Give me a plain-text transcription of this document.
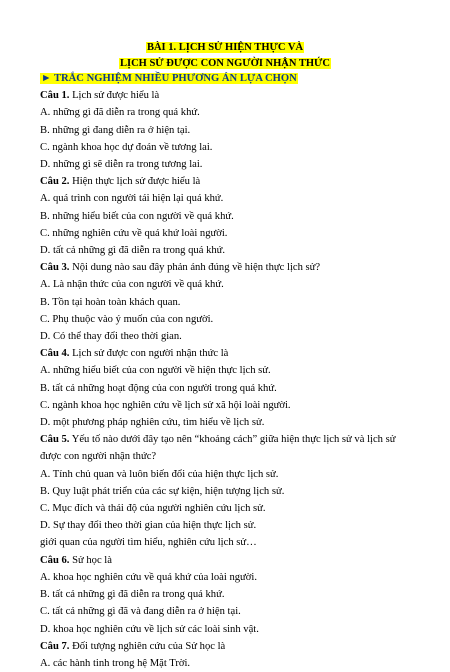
BÀI 1. LỊCH SỬ HIỆN THỰC VÀ
LỊCH SỬ ĐƯỢC CON NGƯỜI NHẬN THỨC
► TRẮC NGHIỆM NHIỀU PHƯƠNG ÁN LỰA CHỌN
Câu 1. Lịch sử được hiểu là
A. những gì đã diễn ra trong quá khứ.
B. những gì đang diễn ra ở hiện tại.
C. ngành khoa học dự đoán về tương lai.
D. những gì sẽ diễn ra trong tương lai.
Câu 2. Hiện thực lịch sử được hiểu là
A. quá trình con người tái hiện lại quá khứ.
B. những hiểu biết của con người về quá khứ.
C. những nghiên cứu về quá khứ loài người.
D. tất cả những gì đã diễn ra trong quá khứ.
Câu 3. Nội dung nào sau đây phản ánh đúng về hiện thực lịch sử?
A. Là nhận thức của con người về quá khứ.
B. Tồn tại hoàn toàn khách quan.
C. Phụ thuộc vào ý muốn của con người.
D. Có thể thay đổi theo thời gian.
Câu 4. Lịch sử được con người nhận thức là
A. những hiểu biết của con người về hiện thực lịch sử.
B. tất cả những hoạt động của con người trong quá khứ.
C. ngành khoa học nghiên cứu về lịch sử xã hội loài người.
D. một phương pháp nghiên cứu, tìm hiểu về lịch sử.
Câu 5. Yếu tố nào dưới đây tạo nên “khoảng cách” giữa hiện thực lịch sử và lịch sử được con người nhận thức?
A. Tính chủ quan và luôn biến đổi của hiện thực lịch sử.
B. Quy luật phát triển của các sự kiện, hiện tượng lịch sử.
C. Mục đích và thái độ của người nghiên cứu lịch sử.
D. Sự thay đổi theo thời gian của hiện thực lịch sử.
giới quan của người tìm hiểu, nghiên cứu lịch sử…
Câu 6. Sử học là
A. khoa học nghiên cứu về quá khứ của loài người.
B. tất cả những gì đã diễn ra trong quá khứ.
C. tất cả những gì đã và đang diễn ra ở hiện tại.
D. khoa học nghiên cứu về lịch sử các loài sinh vật.
Câu 7. Đối tượng nghiên cứu của Sử học là
A. các hành tinh trong hệ Mặt Trời.
